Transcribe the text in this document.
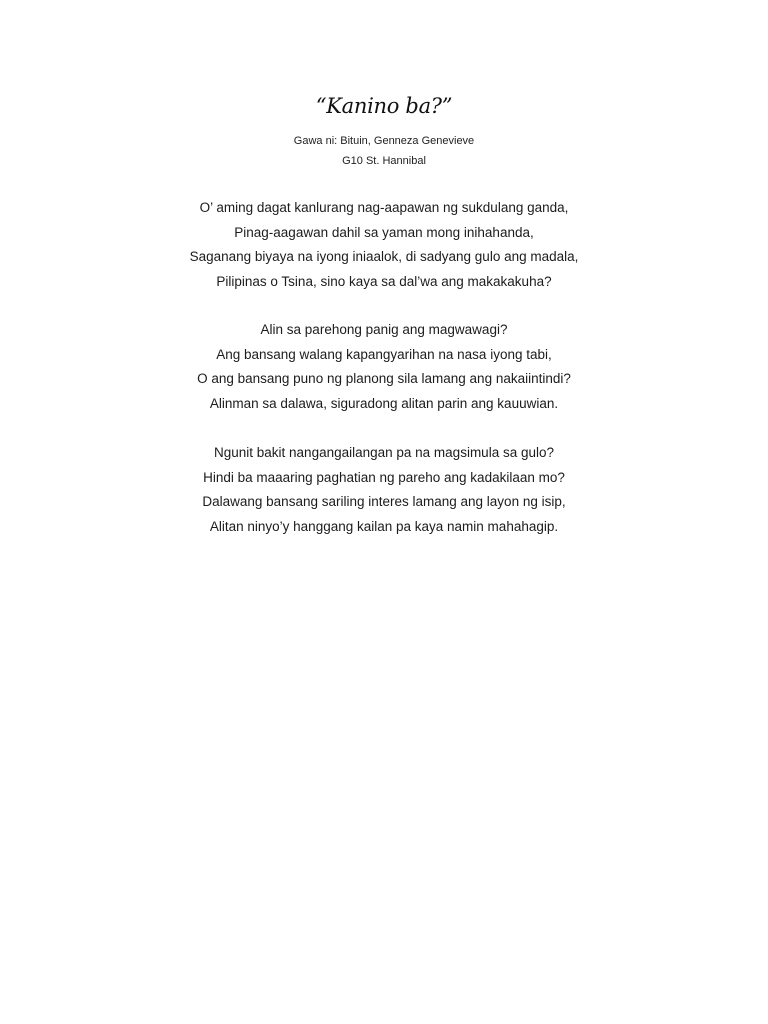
“Kanino ba?”
Gawa ni: Bituin, Genneza Genevieve
G10 St. Hannibal
O’ aming dagat kanlurang nag-aapawan ng sukdulang ganda,
Pinag-aagawan dahil sa yaman mong inihahanda,
Saganang biyaya na iyong iniaalok, di sadyang gulo ang madala,
Pilipinas o Tsina, sino kaya sa dal’wa ang makakakuha?
Alin sa parehong panig ang magwawagi?
Ang bansang walang kapangyarihan na nasa iyong tabi,
O ang bansang puno ng planong sila lamang ang nakaiintindi?
Alinman sa dalawa, siguradong alitan parin ang kauuwian.
Ngunit bakit nangangailangan pa na magsimula sa gulo?
Hindi ba maaaring paghatian ng pareho ang kadakilaan mo?
Dalawang bansang sariling interes lamang ang layon ng isip,
Alitan ninyo’y hanggang kailan pa kaya namin mahahagip.
